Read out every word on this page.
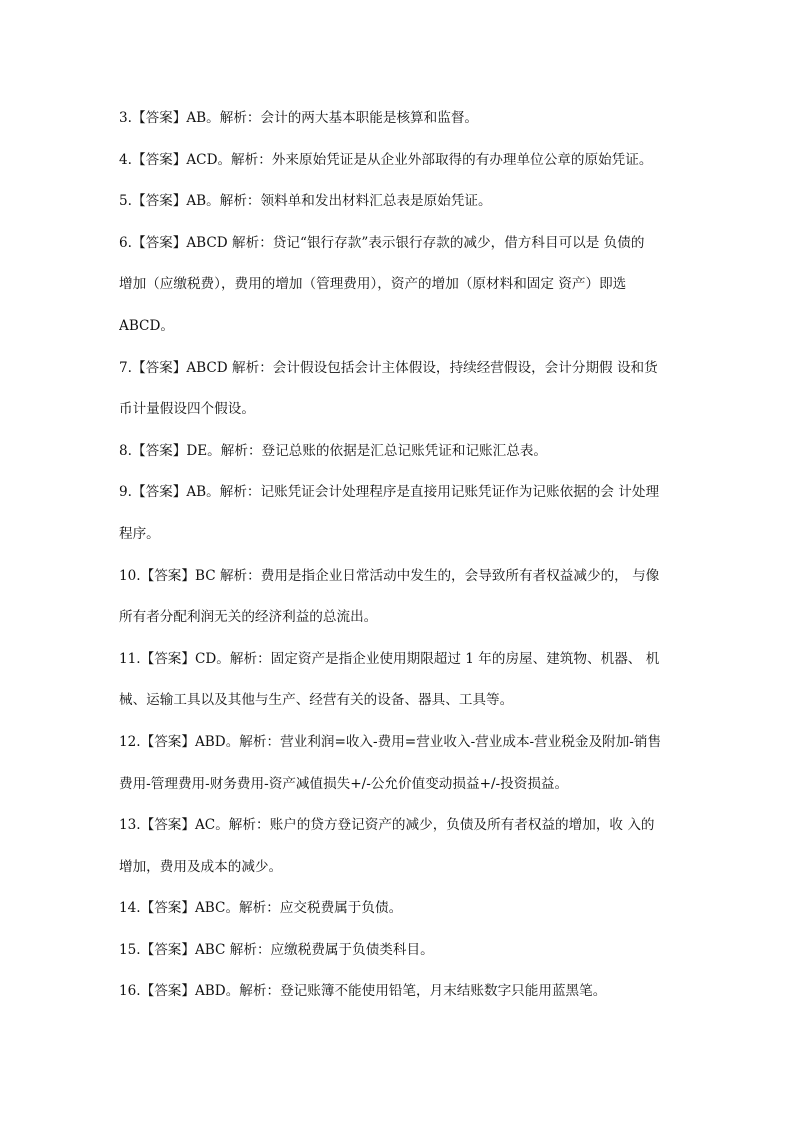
3.【答案】AB。解析：会计的两大基本职能是核算和监督。

4.【答案】ACD。解析：外来原始凭证是从企业外部取得的有办理单位公章的原始凭证。

5.【答案】AB。解析：领料单和发出材料汇总表是原始凭证。

6.【答案】ABCD 解析：贷记“银行存款”表示银行存款的减少，借方科目可以是 负债的

增加（应缴税费），费用的增加（管理费用），资产的增加（原材料和固定 资产）即选

ABCD。

7.【答案】ABCD 解析：会计假设包括会计主体假设，持续经营假设，会计分期假 设和货

币计量假设四个假设。

8.【答案】DE。解析：登记总账的依据是汇总记账凭证和记账汇总表。

9.【答案】AB。解析：记账凭证会计处理程序是直接用记账凭证作为记账依据的会 计处理

程序。

10.【答案】BC 解析：费用是指企业日常活动中发生的，会导致所有者权益减少的， 与像

所有者分配利润无关的经济利益的总流出。

11.【答案】CD。解析：固定资产是指企业使用期限超过 1 年的房屋、建筑物、机器、 机

械、运输工具以及其他与生产、经营有关的设备、器具、工具等。

12.【答案】ABD。解析：营业利润=收入-费用=营业收入-营业成本-营业税金及附加-销售

费用-管理费用-财务费用-资产减值损失+/-公允价值变动损益+/-投资损益。

13.【答案】AC。解析：账户的贷方登记资产的减少，负债及所有者权益的增加，收 入的

增加，费用及成本的减少。

14.【答案】ABC。解析：应交税费属于负债。

15.【答案】ABC 解析：应缴税费属于负债类科目。

16.【答案】ABD。解析：登记账簿不能使用铅笔，月末结账数字只能用蓝黑笔。
